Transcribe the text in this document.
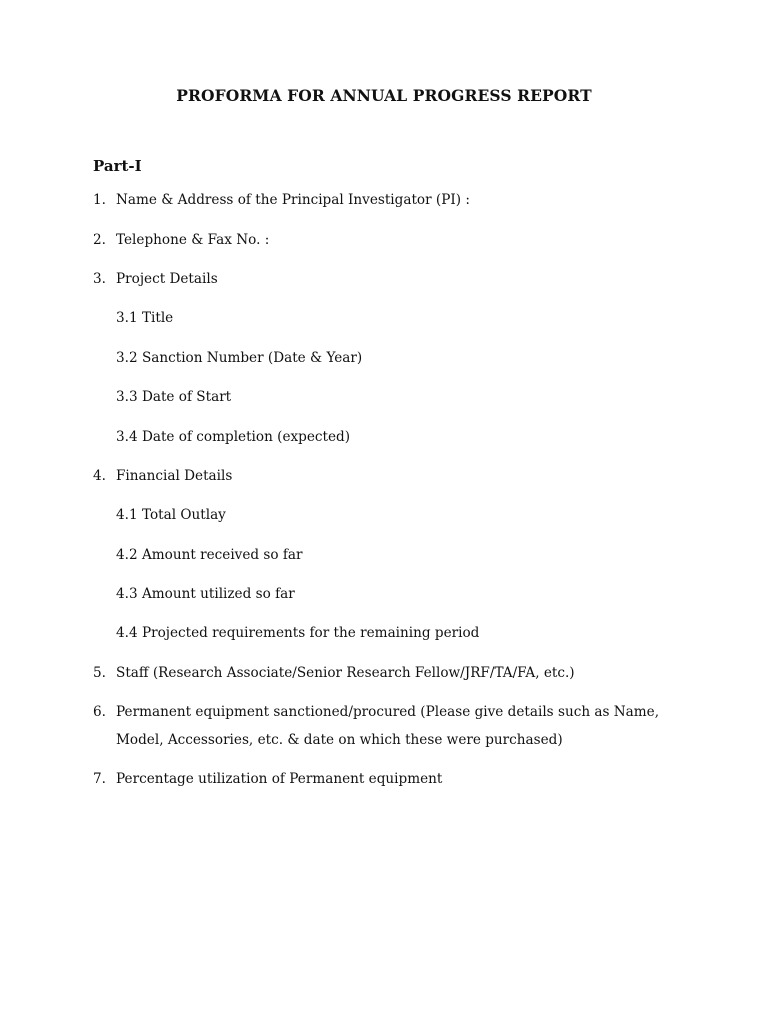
PROFORMA FOR ANNUAL PROGRESS REPORT
Part-I
1. Name & Address of the Principal Investigator (PI) :
2. Telephone & Fax No. :
3. Project Details
3.1 Title
3.2 Sanction Number (Date & Year)
3.3 Date of Start
3.4 Date of completion (expected)
4. Financial Details
4.1 Total Outlay
4.2 Amount received so far
4.3 Amount utilized so far
4.4 Projected requirements for the remaining period
5. Staff (Research Associate/Senior Research Fellow/JRF/TA/FA, etc.)
6. Permanent equipment sanctioned/procured (Please give details such as Name,
Model, Accessories, etc. & date on which these were purchased)
7. Percentage utilization of Permanent equipment
